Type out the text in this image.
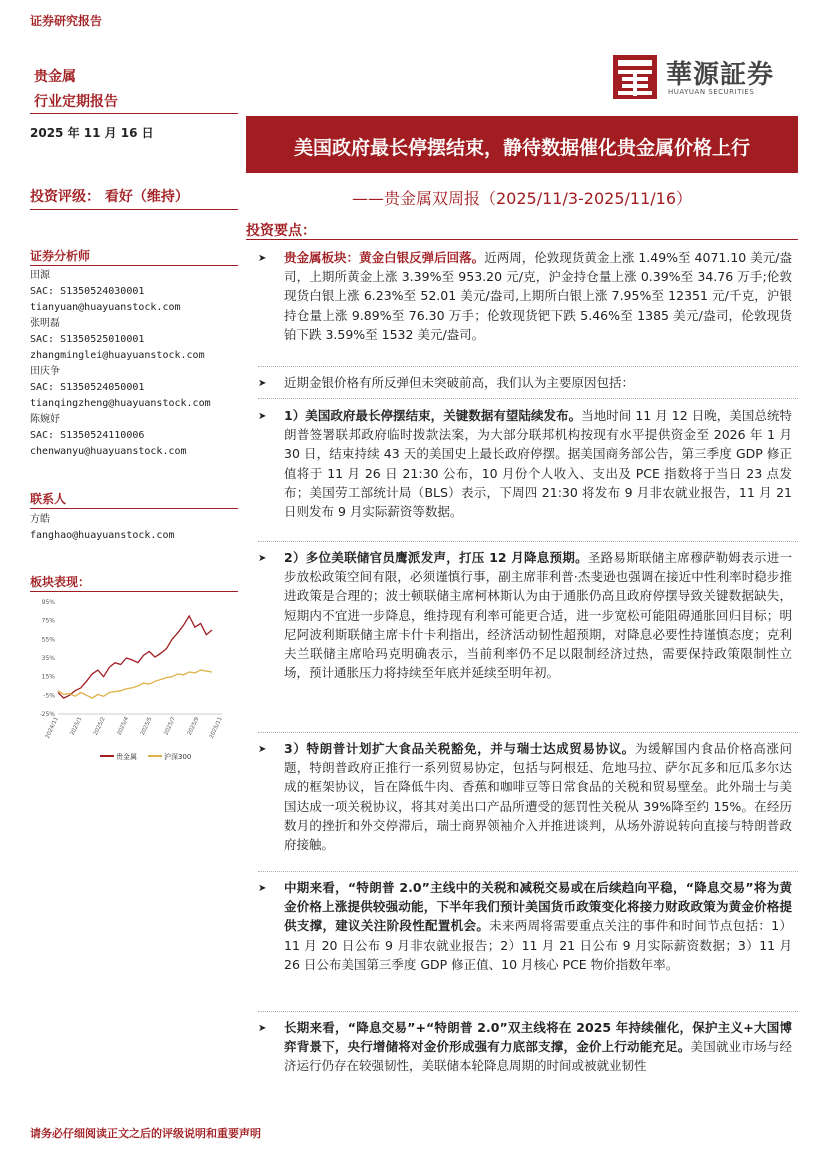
证券研究报告
贵金属
行业定期报告
華源証券
HUAYUAN SECURITIES
2025 年 11 月 16 日
美国政府最长停摆结束，静待数据催化贵金属价格上行
——贵金属双周报（2025/11/3-2025/11/16）
投资评级： 看好（维持）
投资要点：
证券分析师
田源
SAC: S1350524030001
tianyuan@huayuanstock.com
张明磊
SAC: S1350525010001
zhangminglei@huayuanstock.com
田庆争
SAC: S1350524050001
tianqingzheng@huayuanstock.com
陈婉妤
SAC: S1350524110006
chenwanyu@huayuanstock.com
联系人
方皓
fanghao@huayuanstock.com
板块表现：
95%
75%
55%
35%
15%
-5%
-25%
2024/11 2025/1 2025/2 2025/4 2025/5 2025/7 2025/9 2025/11
贵金属	沪深300
➤ 贵金属板块：黄金白银反弹后回落。近两周，伦敦现货黄金上涨 1.49%至 4071.10 美元/盎司，上期所黄金上涨 3.39%至 953.20 元/克，沪金持仓量上涨 0.39%至 34.76 万手;伦敦现货白银上涨 6.23%至 52.01 美元/盎司,上期所白银上涨 7.95%至 12351 元/千克，沪银持仓量上涨 9.89%至 76.30 万手；伦敦现货钯下跌 5.46%至 1385 美元/盎司，伦敦现货铂下跌 3.59%至 1532 美元/盎司。
➤ 近期金银价格有所反弹但未突破前高，我们认为主要原因包括：
➤ 1）美国政府最长停摆结束，关键数据有望陆续发布。当地时间 11 月 12 日晚，美国总统特朗普签署联邦政府临时拨款法案，为大部分联邦机构按现有水平提供资金至 2026 年 1 月 30 日，结束持续 43 天的美国史上最长政府停摆。据美国商务部公告，第三季度 GDP 修正值将于 11 月 26 日 21:30 公布，10 月份个人收入、支出及 PCE 指数将于当日 23 点发布；美国劳工部统计局（BLS）表示，下周四 21:30 将发布 9 月非农就业报告，11 月 21 日则发布 9 月实际薪资等数据。
➤ 2）多位美联储官员鹰派发声，打压 12 月降息预期。圣路易斯联储主席穆萨勒姆表示进一步放松政策空间有限，必须谨慎行事，副主席菲利普·杰斐逊也强调在接近中性利率时稳步推进政策是合理的；波士顿联储主席柯林斯认为由于通胀仍高且政府停摆导致关键数据缺失，短期内不宜进一步降息，维持现有利率可能更合适，进一步宽松可能阻碍通胀回归目标；明尼阿波利斯联储主席卡什卡利指出，经济活动韧性超预期，对降息必要性持谨慎态度；克利夫兰联储主席哈玛克明确表示，当前利率仍不足以限制经济过热，需要保持政策限制性立场，预计通胀压力将持续至年底并延续至明年初。
➤ 3）特朗普计划扩大食品关税豁免，并与瑞士达成贸易协议。为缓解国内食品价格高涨问题，特朗普政府正推行一系列贸易协定，包括与阿根廷、危地马拉、萨尔瓦多和厄瓜多尔达成的框架协议，旨在降低牛肉、香蕉和咖啡豆等日常食品的关税和贸易壁垒。此外瑞士与美国达成一项关税协议，将其对美出口产品所遭受的惩罚性关税从 39%降至约 15%。在经历数月的挫折和外交停滞后，瑞士商界领袖介入并推进谈判，从场外游说转向直接与特朗普政府接触。
➤ 中期来看，“特朗普 2.0”主线中的关税和减税交易或在后续趋向平稳，“降息交易”将为黄金价格上涨提供较强动能，下半年我们预计美国货币政策变化将接力财政政策为黄金价格提供支撑，建议关注阶段性配置机会。未来两周将需要重点关注的事件和时间节点包括：1）11 月 20 日公布 9 月非农就业报告；2）11 月 21 日公布 9 月实际薪资数据；3）11 月 26 日公布美国第三季度 GDP 修正值、10 月核心 PCE 物价指数年率。
➤ 长期来看，“降息交易”+“特朗普 2.0”双主线将在 2025 年持续催化，保护主义+大国博弈背景下，央行增储将对金价形成强有力底部支撑，金价上行动能充足。美国就业市场与经济运行仍存在较强韧性，美联储本轮降息周期的时间或被就业韧性
请务必仔细阅读正文之后的评级说明和重要声明
